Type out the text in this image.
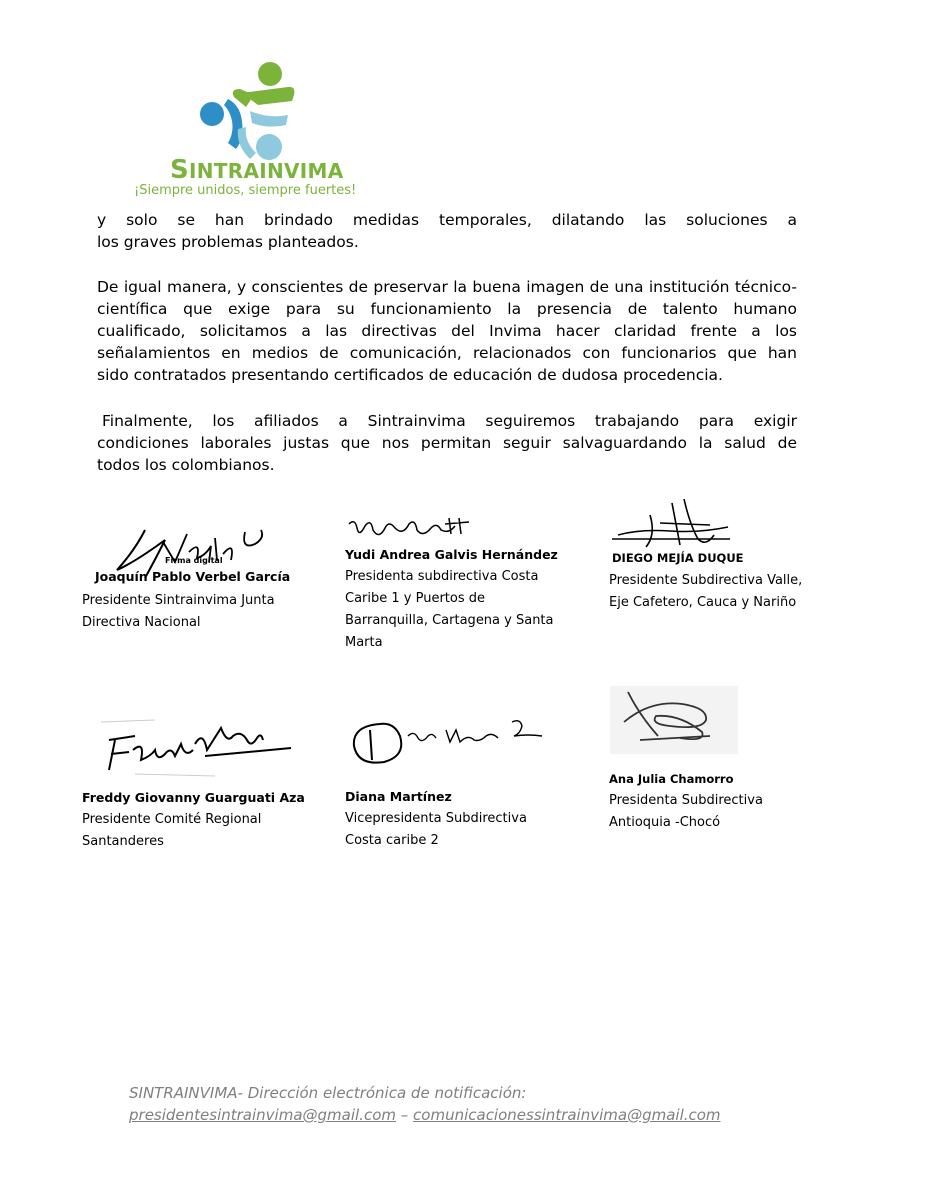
SINTRAINVIMA
¡Siempre unidos, siempre fuertes!
y solo se han brindado medidas temporales, dilatando las soluciones a
los graves problemas planteados.
De igual manera, y conscientes de preservar la buena imagen de una institución técnico-
científica que exige para su funcionamiento la presencia de talento humano
cualificado, solicitamos a las directivas del Invima hacer claridad frente a los
señalamientos en medios de comunicación, relacionados con funcionarios que han
sido contratados presentando certificados de educación de dudosa procedencia.
Finalmente, los afiliados a Sintrainvima seguiremos trabajando para exigir
condiciones laborales justas que nos permitan seguir salvaguardando la salud de
todos los colombianos.
Firma digital
Joaquín Pablo Verbel García
Presidente Sintrainvima Junta
Directiva Nacional
Yudi Andrea Galvis Hernández
Presidenta subdirectiva Costa
Caribe 1 y Puertos de
Barranquilla, Cartagena y Santa
Marta
DIEGO MEJÍA DUQUE
Presidente Subdirectiva Valle,
Eje Cafetero, Cauca y Nariño
Freddy Giovanny Guarguati Aza
Presidente Comité Regional
Santanderes
Diana Martínez
Vicepresidenta Subdirectiva
Costa caribe 2
Ana Julia Chamorro
Presidenta Subdirectiva
Antioquia -Chocó
SINTRAINVIMA- Dirección electrónica de notificación:
presidentesintrainvima@gmail.com – comunicacionessintrainvima@gmail.com
